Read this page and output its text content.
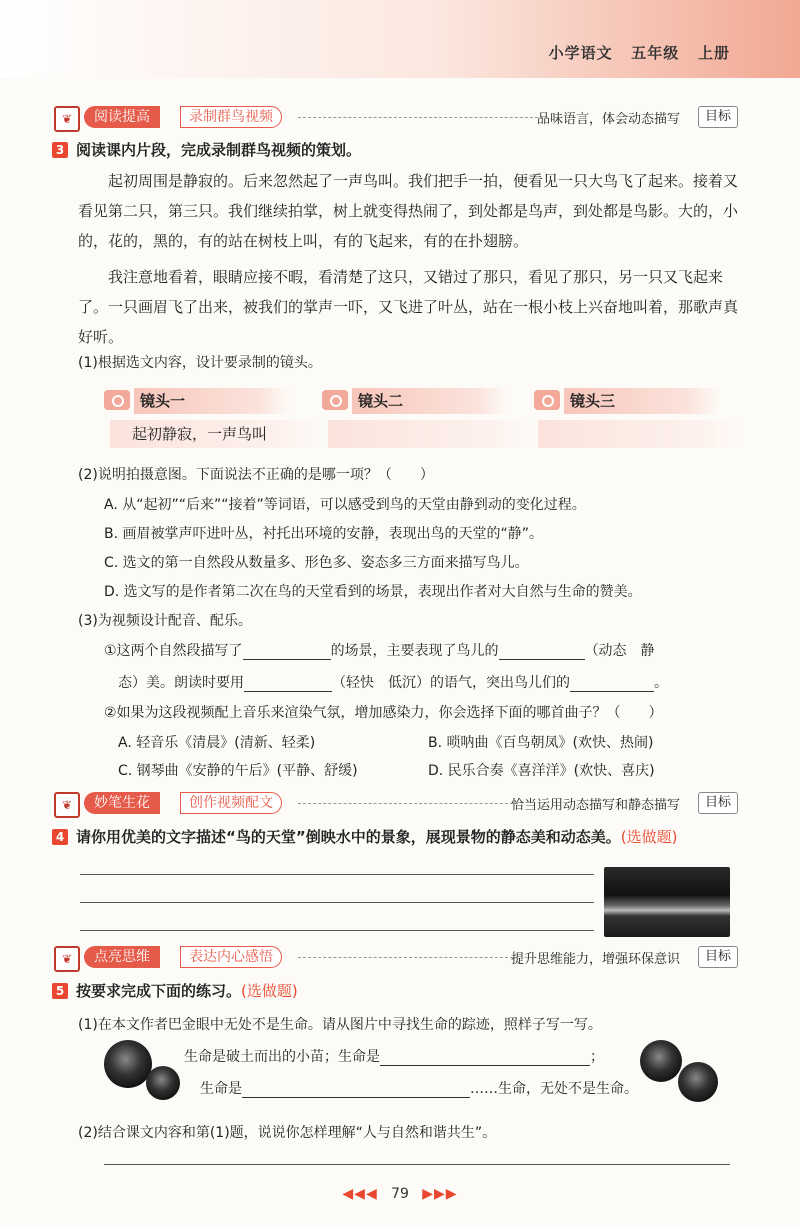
小学语文 五年级 上册
❦	阅读提高	录制群鸟视频	品味语言，体会动态描写	目标
3 阅读课内片段，完成录制群鸟视频的策划。

起初周围是静寂的。后来忽然起了一声鸟叫。我们把手一拍，便看见一只大鸟飞了起来。接着又看见第二只，第三只。我们继续拍掌，树上就变得热闹了，到处都是鸟声，到处都是鸟影。大的，小的，花的，黑的，有的站在树枝上叫，有的飞起来，有的在扑翅膀。

我注意地看着，眼睛应接不暇，看清楚了这只，又错过了那只，看见了那只，另一只又飞起来了。一只画眉飞了出来，被我们的掌声一吓，又飞进了叶丛，站在一根小枝上兴奋地叫着，那歌声真好听。

(1)根据选文内容，设计要录制的镜头。
镜头一	镜头二	镜头三
起初静寂，一声鸟叫
(2)说明拍摄意图。下面说法不正确的是哪一项？（　　）
A. 从“起初”“后来”“接着”等词语，可以感受到鸟的天堂由静到动的变化过程。
B. 画眉被掌声吓进叶丛，衬托出环境的安静，表现出鸟的天堂的“静”。
C. 选文的第一自然段从数量多、形色多、姿态多三方面来描写鸟儿。
D. 选文写的是作者第二次在鸟的天堂看到的场景，表现出作者对大自然与生命的赞美。
(3)为视频设计配音、配乐。
①这两个自然段描写了	的场景，主要表现了鸟儿的	（动态　静
态）美。朗读时要用	（轻快　低沉）的语气，突出鸟儿们的	。
②如果为这段视频配上音乐来渲染气氛，增加感染力，你会选择下面的哪首曲子？（　　）
A. 轻音乐《清晨》(清新、轻柔)	B. 唢呐曲《百鸟朝凤》(欢快、热闹)
C. 钢琴曲《安静的午后》(平静、舒缓)	D. 民乐合奏《喜洋洋》(欢快、喜庆)
❦	妙笔生花	创作视频配文	恰当运用动态描写和静态描写	目标
4 请你用优美的文字描述“鸟的天堂”倒映水中的景象，展现景物的静态美和动态美。(选做题)
❦	点亮思维	表达内心感悟	提升思维能力，增强环保意识	目标
5 按要求完成下面的练习。(选做题)
(1)在本文作者巴金眼中无处不是生命。请从图片中寻找生命的踪迹，照样子写一写。
生命是破土而出的小苗；生命是	；
生命是	……生命，无处不是生命。
(2)结合课文内容和第(1)题，说说你怎样理解“人与自然和谐共生”。
◀◀◀ 79 ▶▶▶
